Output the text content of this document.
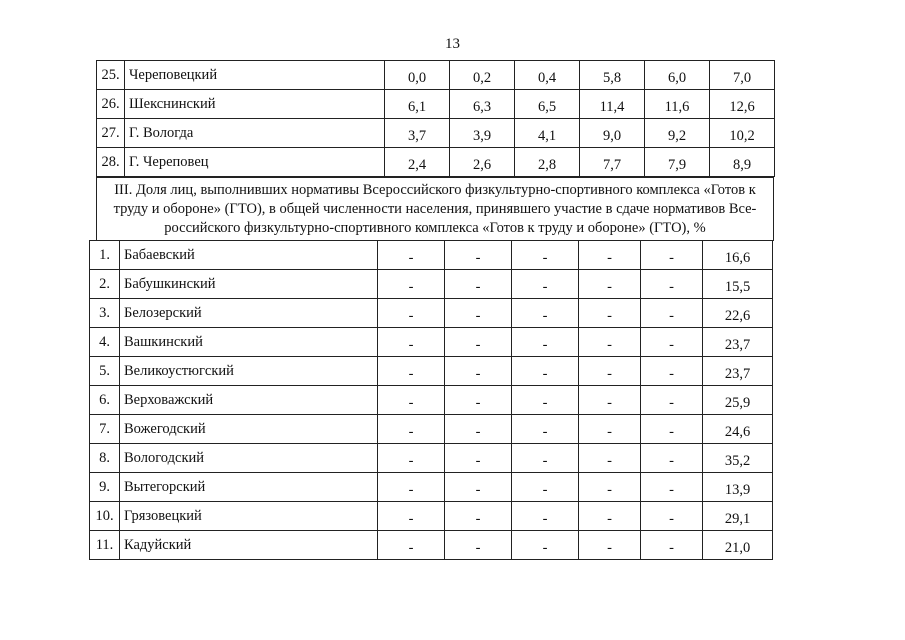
13
25.	Череповецкий	0,0	0,2	0,4	5,8	6,0	7,0
26.	Шекснинский	6,1	6,3	6,5	11,4	11,6	12,6
27.	Г. Вологда	3,7	3,9	4,1	9,0	9,2	10,2
28.	Г. Череповец	2,4	2,6	2,8	7,7	7,9	8,9
III. Доля лиц, выполнивших нормативы Всероссийского физкультурно-спортивного комплекса «Готов к труду и обороне» (ГТО), в общей численности населения, принявшего участие в сдаче нормативов Все-российского физкультурно-спортивного комплекса «Готов к труду и обороне» (ГТО), %
1.	Бабаевский	-	-	-	-	-	16,6
2.	Бабушкинский	-	-	-	-	-	15,5
3.	Белозерский	-	-	-	-	-	22,6
4.	Вашкинский	-	-	-	-	-	23,7
5.	Великоустюгский	-	-	-	-	-	23,7
6.	Верховажский	-	-	-	-	-	25,9
7.	Вожегодский	-	-	-	-	-	24,6
8.	Вологодский	-	-	-	-	-	35,2
9.	Вытегорский	-	-	-	-	-	13,9
10.	Грязовецкий	-	-	-	-	-	29,1
11.	Кадуйский	-	-	-	-	-	21,0
